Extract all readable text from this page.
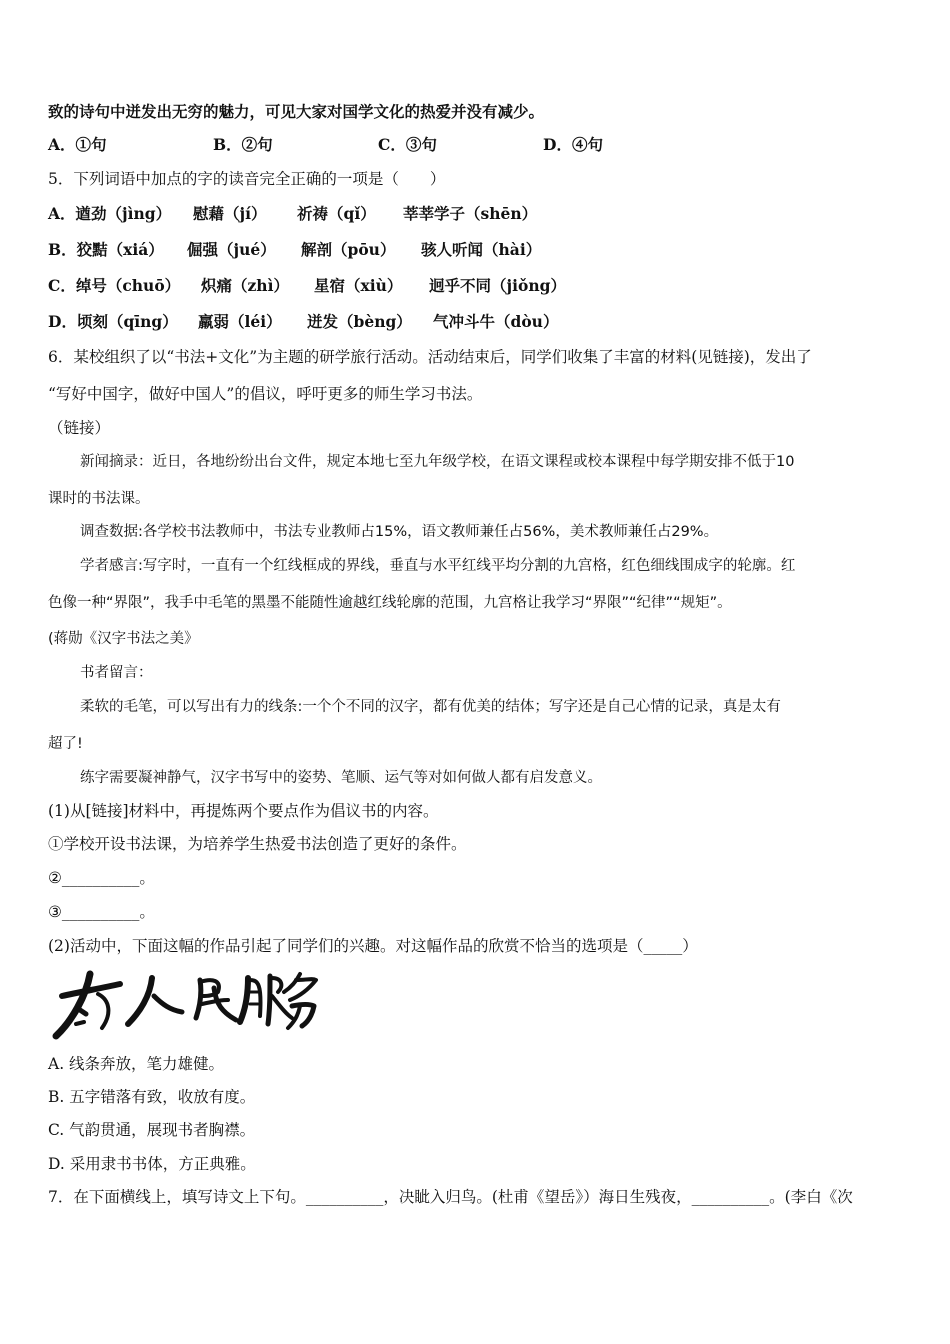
致的诗句中迸发出无穷的魅力，可见大家对国学文化的热爱并没有减少。
A．①句	B．②句	C．③句	D．④句
5．下列词语中加点的字的读音完全正确的一项是（　　）
A．遒劲（jìng） 慰藉（jí） 祈祷（qǐ） 莘莘学子（shēn）
B．狡黠（xiá） 倔强（jué） 解剖（pōu） 骇人听闻（hài）
C．绰号（chuō） 炽痛（zhì） 星宿（xiù） 迥乎不同（jiǒng）
D．顷刻（qīng） 羸弱（léi） 迸发（bèng） 气冲斗牛（dòu）
6．某校组织了以“书法+文化”为主题的研学旅行活动。活动结束后，同学们收集了丰富的材料(见链接)，发出了
“写好中国字，做好中国人”的倡议，呼吁更多的师生学习书法。
（链接）
新闻摘录：近日，各地纷纷出台文件，规定本地七至九年级学校，在语文课程或校本课程中每学期安排不低于10
课时的书法课。
调查数据:各学校书法教师中，书法专业教师占15%，语文教师兼任占56%，美术教师兼任占29%。
学者感言:写字时，一直有一个红线框成的界线，垂直与水平红线平均分割的九宫格，红色细线围成字的轮廓。红
色像一种“界限”，我手中毛笔的黑墨不能随性逾越红线轮廓的范围，九宫格让我学习“界限”“纪律”“规矩”。
(蒋勋《汉字书法之美》
书者留言：
柔软的毛笔，可以写出有力的线条:一个个不同的汉字，都有优美的结体；写字还是自己心情的记录，真是太有
超了!
练字需要凝神静气，汉字书写中的姿势、笔顺、运气等对如何做人都有启发意义。
(1)从[链接]材料中，再提炼两个要点作为倡议书的内容。
①学校开设书法课，为培养学生热爱书法创造了更好的条件。
②__________。
③__________。
(2)活动中，下面这幅的作品引起了同学们的兴趣。对这幅作品的欣赏不恰当的选项是（_____）
A. 线条奔放，笔力雄健。
B. 五字错落有致，收放有度。
C. 气韵贯通，展现书者胸襟。
D. 采用隶书书体，方正典雅。
7．在下面横线上，填写诗文上下句。__________，决眦入归鸟。(杜甫《望岳》）海日生残夜，__________。(李白《次
